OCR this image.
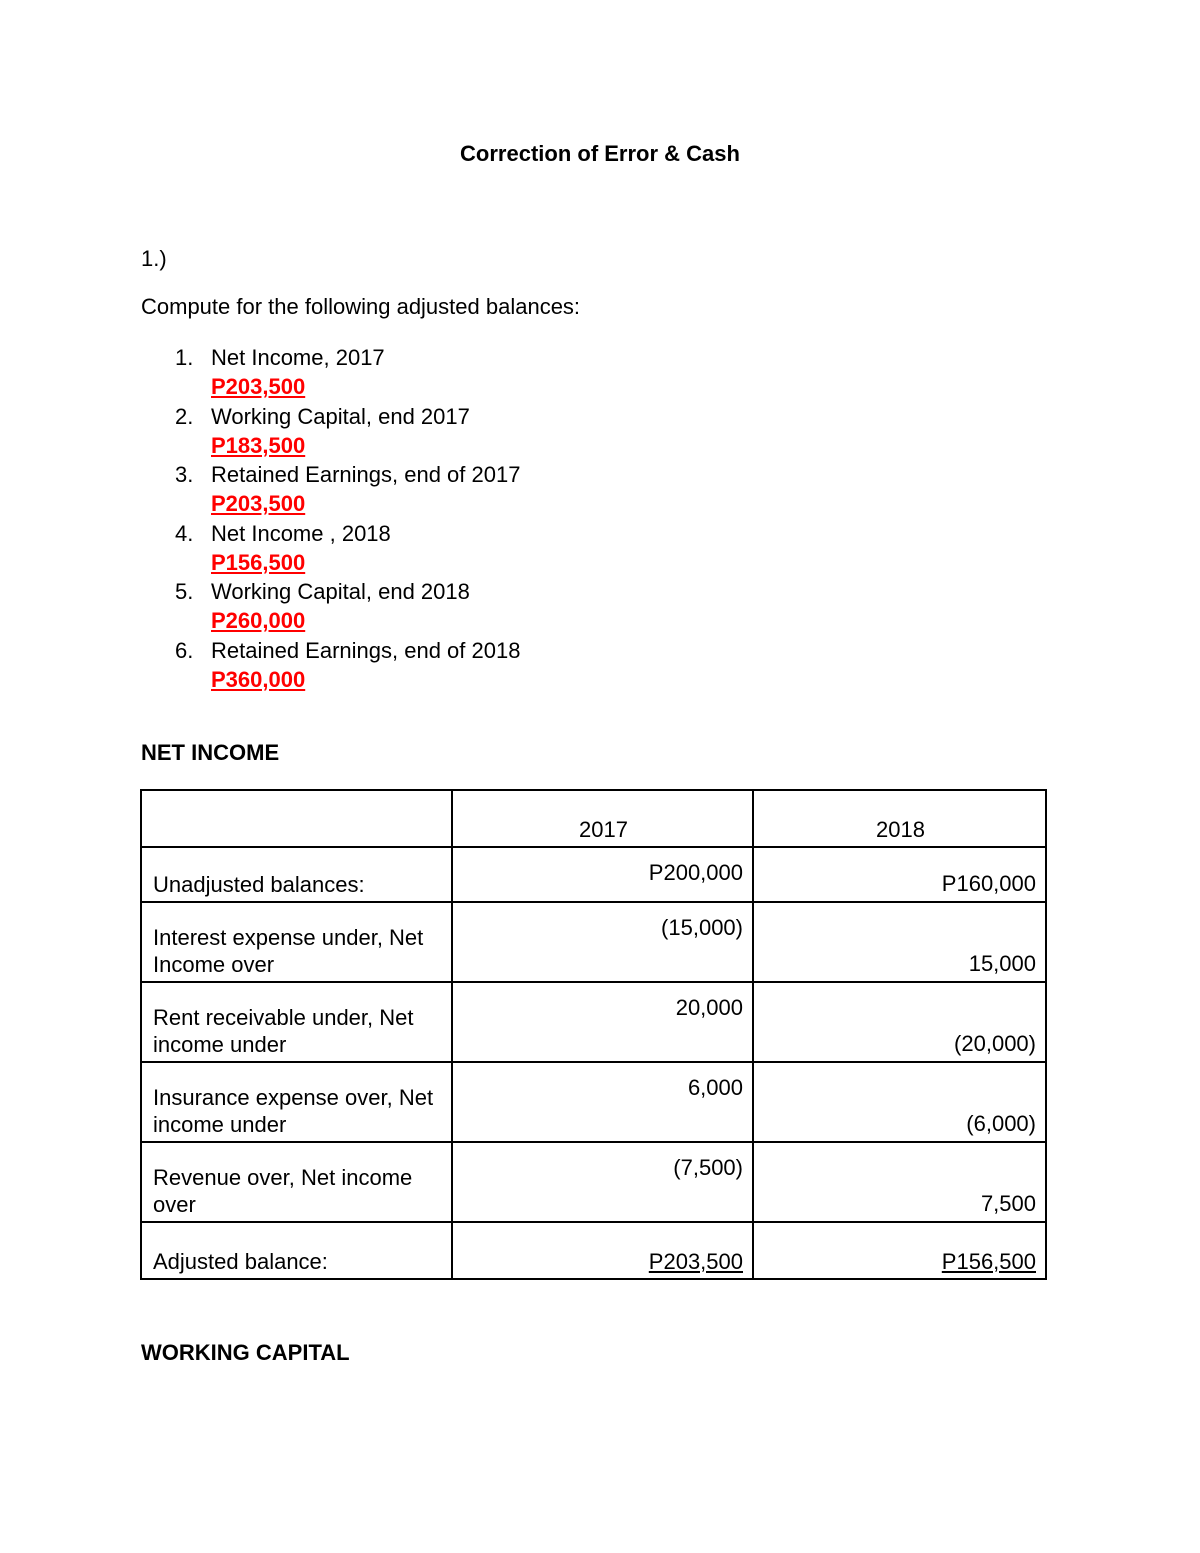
Correction of Error & Cash

1.)

Compute for the following adjusted balances:

1. Net Income, 2017
P203,500
2. Working Capital, end 2017
P183,500
3. Retained Earnings, end of 2017
P203,500
4. Net Income , 2018
P156,500
5. Working Capital, end 2018
P260,000
6. Retained Earnings, end of 2018
P360,000
NET INCOME
	2017	2018
Unadjusted balances:	P200,000	P160,000
Interest expense under, Net Income over	(15,000)	15,000
Rent receivable under, Net income under	20,000	(20,000)
Insurance expense over, Net income under	6,000	(6,000)
Revenue over, Net income over	(7,500)	7,500
Adjusted balance:	P203,500	P156,500
WORKING CAPITAL
